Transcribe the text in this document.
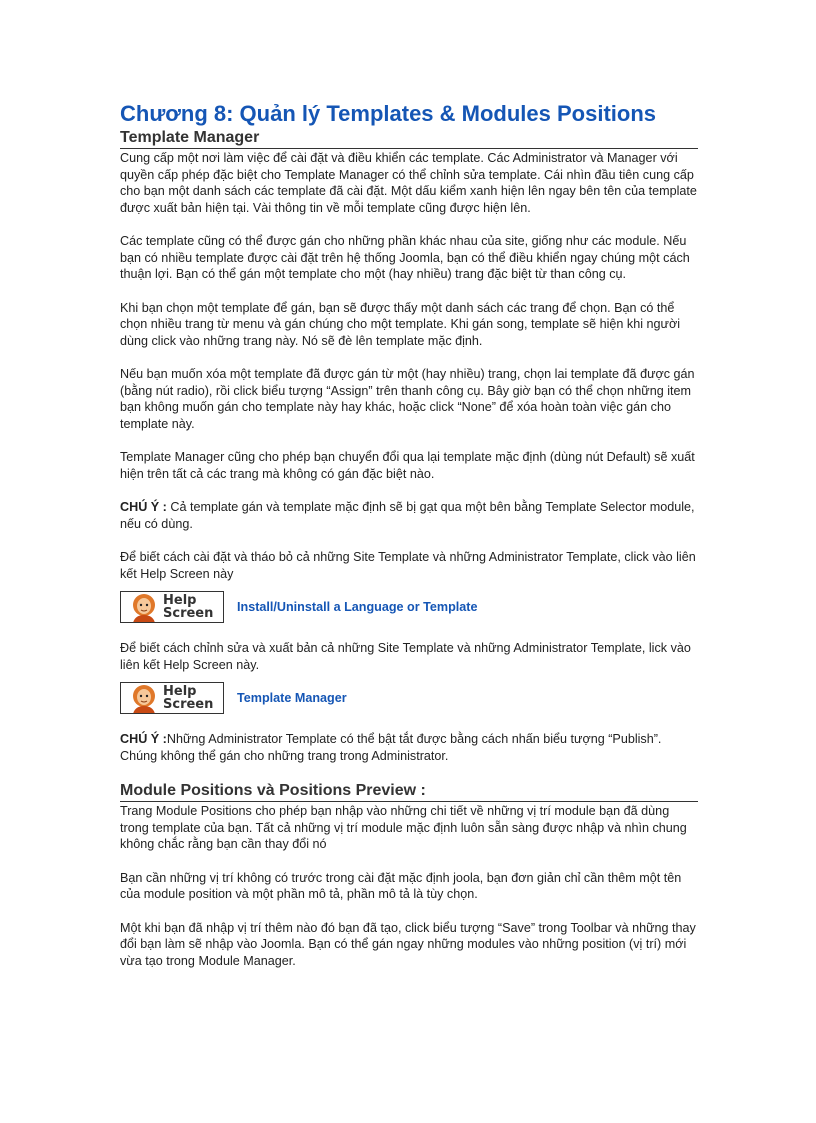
Chương 8: Quản lý Templates & Modules Positions
Template Manager

Cung cấp một nơi làm việc để cài đặt và điều khiển các template. Các Administrator và Manager với quyền cấp phép đặc biệt cho Template Manager có thể chỉnh sửa template. Cái nhìn đầu tiên cung cấp cho bạn một danh sách các template đã cài đặt. Một dấu kiểm xanh hiện lên ngay bên tên của template được xuất bản hiện tại. Vài thông tin về mỗi template cũng được hiện lên.

Các template cũng có thể được gán cho những phần khác nhau của site, giống như các module. Nếu bạn có nhiều template được cài đặt trên hệ thống Joomla, bạn có thể điều khiển ngay chúng một cách thuận lợi. Bạn có thể gán một template cho một (hay nhiều) trang đặc biệt từ than công cụ.

Khi bạn chọn một template để gán, bạn sẽ được thấy một danh sách các trang để chọn. Bạn có thể chọn nhiều trang từ menu và gán chúng cho một template. Khi gán song, template sẽ hiện khi người dùng click vào những trang này. Nó sẽ đè lên template mặc định.

Nếu bạn muốn xóa một template đã được gán từ một (hay nhiều) trang, chọn lai template đã được gán (bằng nút radio), rồi click biểu tượng “Assign” trên thanh công cụ. Bây giờ bạn có thể chọn những item bạn không muốn gán cho template này hay khác, hoặc click “None” để xóa hoàn toàn việc gán cho template này.

Template Manager cũng cho phép bạn chuyển đổi qua lại template mặc định (dùng nút Default) sẽ xuất hiện trên tất cả các trang mà không có gán đặc biệt nào.

CHÚ Ý : Cả template gán và template mặc định sẽ bị gạt qua một bên bằng Template Selector module, nếu có dùng.

Để biết cách cài đặt và tháo bỏ cả những Site Template và những Administrator Template, click vào liên kết Help Screen này

Help
Screen Install/Uninstall a Language or Template

Để biết cách chỉnh sửa và xuất bản cả những Site Template và những Administrator Template, lick vào liên kết Help Screen này.

Help
Screen Template Manager

CHÚ Ý :Những Administrator Template có thể bật tắt được bằng cách nhấn biểu tượng “Publish”. Chúng không thể gán cho những trang trong Administrator.

Module Positions và Positions Preview :

Trang Module Positions cho phép bạn nhập vào những chi tiết về những vị trí module bạn đã dùng trong template của bạn. Tất cả những vị trí module mặc định luôn sẵn sàng được nhập và nhìn chung không chắc rằng bạn cần thay đổi nó

Bạn cần những vị trí không có trước trong cài đặt mặc định joola, bạn đơn giản chỉ cần thêm một tên của module position và một phần mô tả, phần mô tả là tùy chọn.

Một khi bạn đã nhập vị trí thêm nào đó bạn đã tạo, click biểu tượng “Save” trong Toolbar và những thay đổi bạn làm sẽ nhập vào Joomla. Bạn có thể gán ngay những modules vào những position (vị trí) mới vừa tạo trong Module Manager.
